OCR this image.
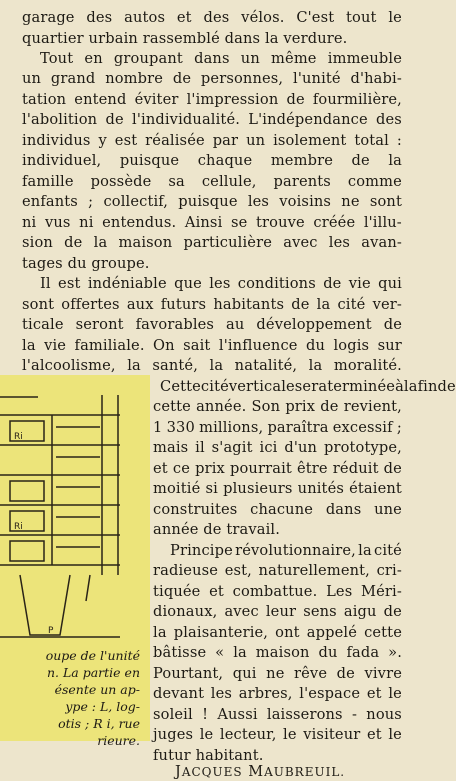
garage des autos et des vélos. C'est tout le
quartier urbain rassemblé dans la verdure.
Tout en groupant dans un même immeuble
un grand nombre de personnes, l'unité d'habi-
tation entend éviter l'impression de fourmilière,
l'abolition de l'individualité. L'indépendance des
individus y est réalisée par un isolement total :
individuel, puisque chaque membre de la
famille possède sa cellule, parents comme
enfants ; collectif, puisque les voisins ne sont
ni vus ni entendus. Ainsi se trouve créée l'illu-
sion de la maison particulière avec les avan-
tages du groupe.
Il est indéniable que les conditions de vie qui
sont offertes aux futurs habitants de la cité ver-
ticale seront favorables au développement de
la vie familiale. On sait l'influence du logis sur
l'alcoolisme, la santé, la natalité, la moralité.
Ri
Ri
P
oupe de l'unité
n. La partie en
ésente un ap-
ype : L, log-
otis ; R i, rue
rieure.
Cette cité verticale sera terminée à la fin de
cette année. Son prix de revient,
1 330 millions, paraîtra excessif ;
mais il s'agit ici d'un prototype,
et ce prix pourrait être réduit de
moitié si plusieurs unités étaient
construites chacune dans une
année de travail.
Principe révolutionnaire, la cité
radieuse est, naturellement, cri-
tiquée et combattue. Les Méri-
dionaux, avec leur sens aigu de
la plaisanterie, ont appelé cette
bâtisse « la maison du fada ».
Pourtant, qui ne rêve de vivre
devant les arbres, l'espace et le
soleil ! Aussi laisserons - nous
juges le lecteur, le visiteur et le
futur habitant.
JACQUES MAUBREUIL.
